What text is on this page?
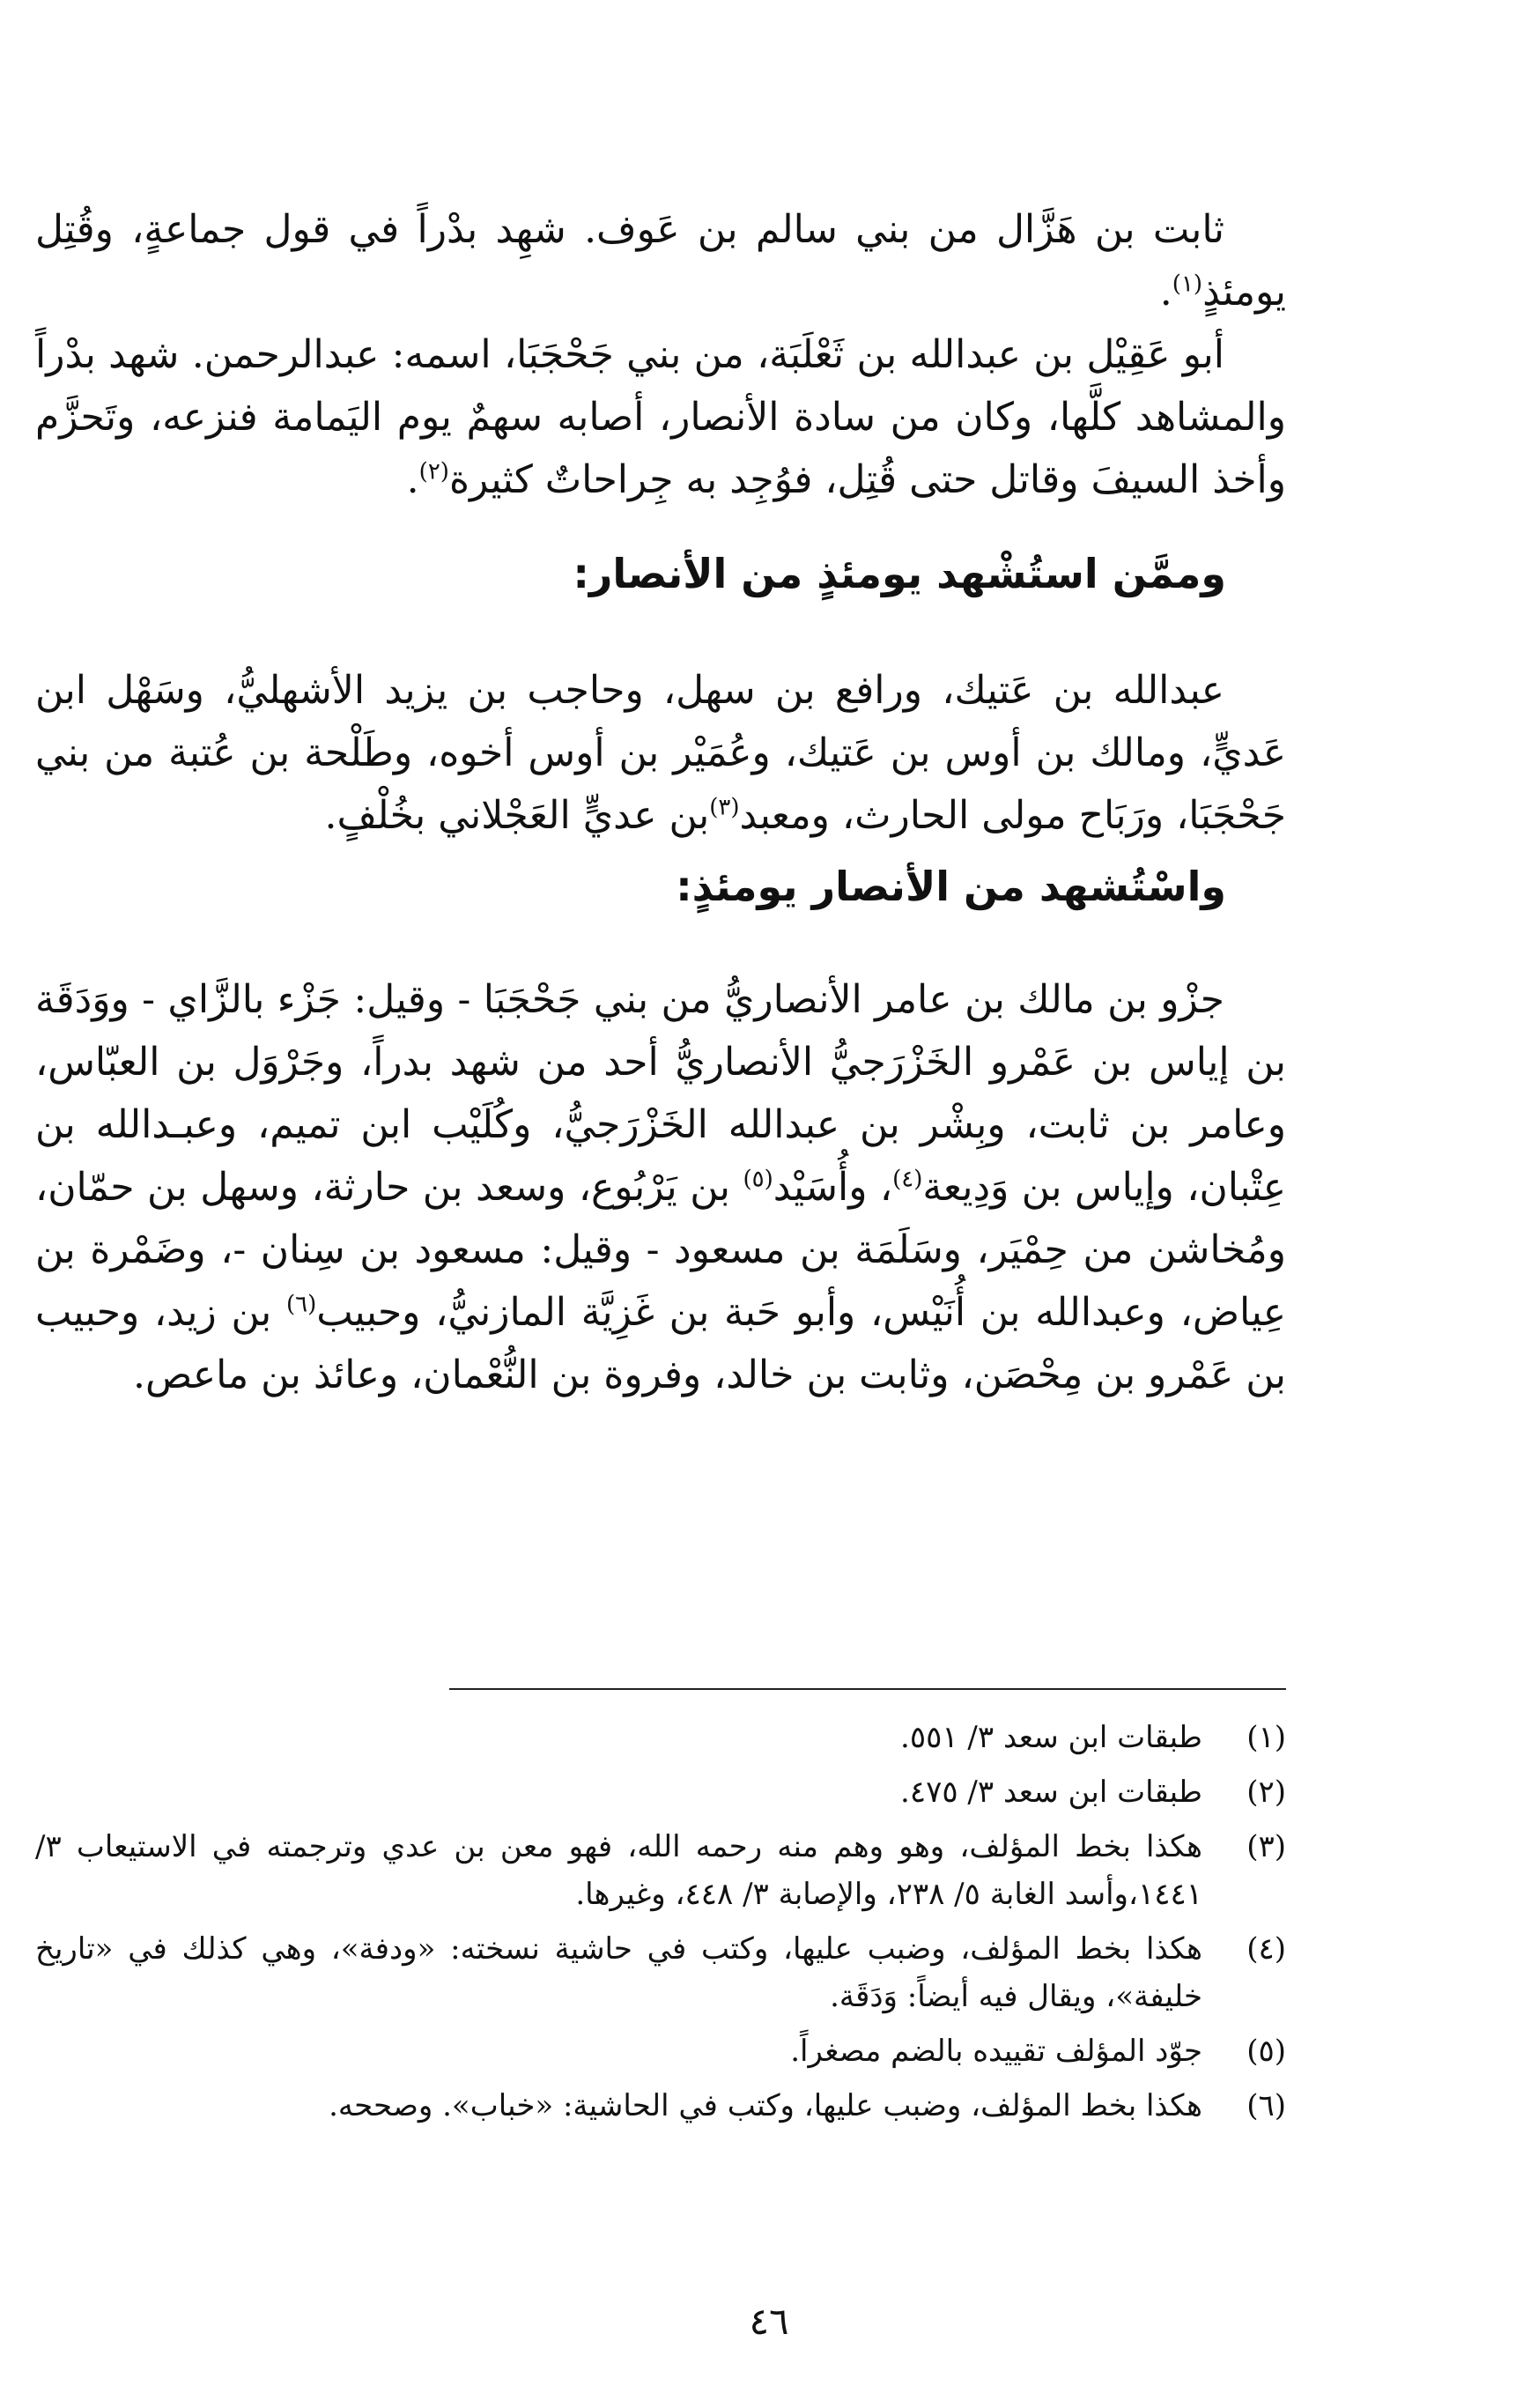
ثابت بن هَزَّال من بني سالم بن عَوف. شهِد بدْراً في قول جماعةٍ، وقُتِل يومئذٍ$^{(١)}$.

أبو عَقِيْل بن عبدالله بن ثَعْلَبَة، من بني جَحْجَبَا، اسمه: عبدالرحمن. شهد بدْراً والمشاهد كلَّها، وكان من سادة الأنصار، أصابه سهمٌ يوم اليَمامة فنزعه، وتَحزَّم وأخذ السيفَ وقاتل حتى قُتِل، فوُجِد به جِراحاتٌ كثيرة$^{(٢)}$.

وممَّن استُشْهد يومئذٍ من الأنصار:

عبدالله بن عَتيك، ورافع بن سهل، وحاجب بن يزيد الأشهليُّ، وسَهْل ابن عَديٍّ، ومالك بن أوس بن عَتيك، وعُمَيْر بن أوس أخوه، وطَلْحة بن عُتبة من بني جَحْجَبَا، ورَبَاح مولى الحارث، ومعبد$^{(٣)}$بن عديٍّ العَجْلاني بخُلْفٍ.

واسْتُشهد من الأنصار يومئذٍ:

جزْو بن مالك بن عامر الأنصاريُّ من بني جَحْجَبَا - وقيل: جَزْء بالزَّاي - ووَدَقَة بن إياس بن عَمْرو الخَزْرَجيُّ الأنصاريُّ أحد من شهد بدراً، وجَرْوَل بن العبّاس، وعامر بن ثابت، وبِشْر بن عبدالله الخَزْرَجيُّ، وكُلَيْب ابن تميم، وعبـدالله بن عِتْبان، وإياس بن وَدِيعة$^{(٤)}$، وأُسَيْد$^{(٥)}$ بن يَرْبُوع، وسعد بن حارثة، وسهل بن حمّان، ومُخاشن من حِمْيَر، وسَلَمَة بن مسعود - وقيل: مسعود بن سِنان -، وضَمْرة بن عِياض، وعبدالله بن أُنَيْس، وأبو حَبة بن غَزِيَّة المازنيُّ، وحبيب$^{(٦)}$ بن زيد، وحبيب بن عَمْرو بن مِحْصَن، وثابت بن خالد، وفروة بن النُّعْمان، وعائذ بن ماعص.

(١)
طبقات ابن سعد ٣/ ٥٥١.
(٢)
طبقات ابن سعد ٣/ ٤٧٥.
(٣)
هكذا بخط المؤلف، وهو وهم منه رحمه الله، فهو معن بن عدي وترجمته في الاستيعاب ٣/ ١٤٤١،وأسد الغابة ٥/ ٢٣٨، والإصابة ٣/ ٤٤٨، وغيرها.
(٤)
هكذا بخط المؤلف، وضبب عليها، وكتب في حاشية نسخته: «ودفة»، وهي كذلك في «تاريخ خليفة»، ويقال فيه أيضاً: وَدَقَة.
(٥)
جوّد المؤلف تقييده بالضم مصغراً.
(٦)
هكذا بخط المؤلف، وضبب عليها، وكتب في الحاشية: «خباب». وصححه.
٤٦
